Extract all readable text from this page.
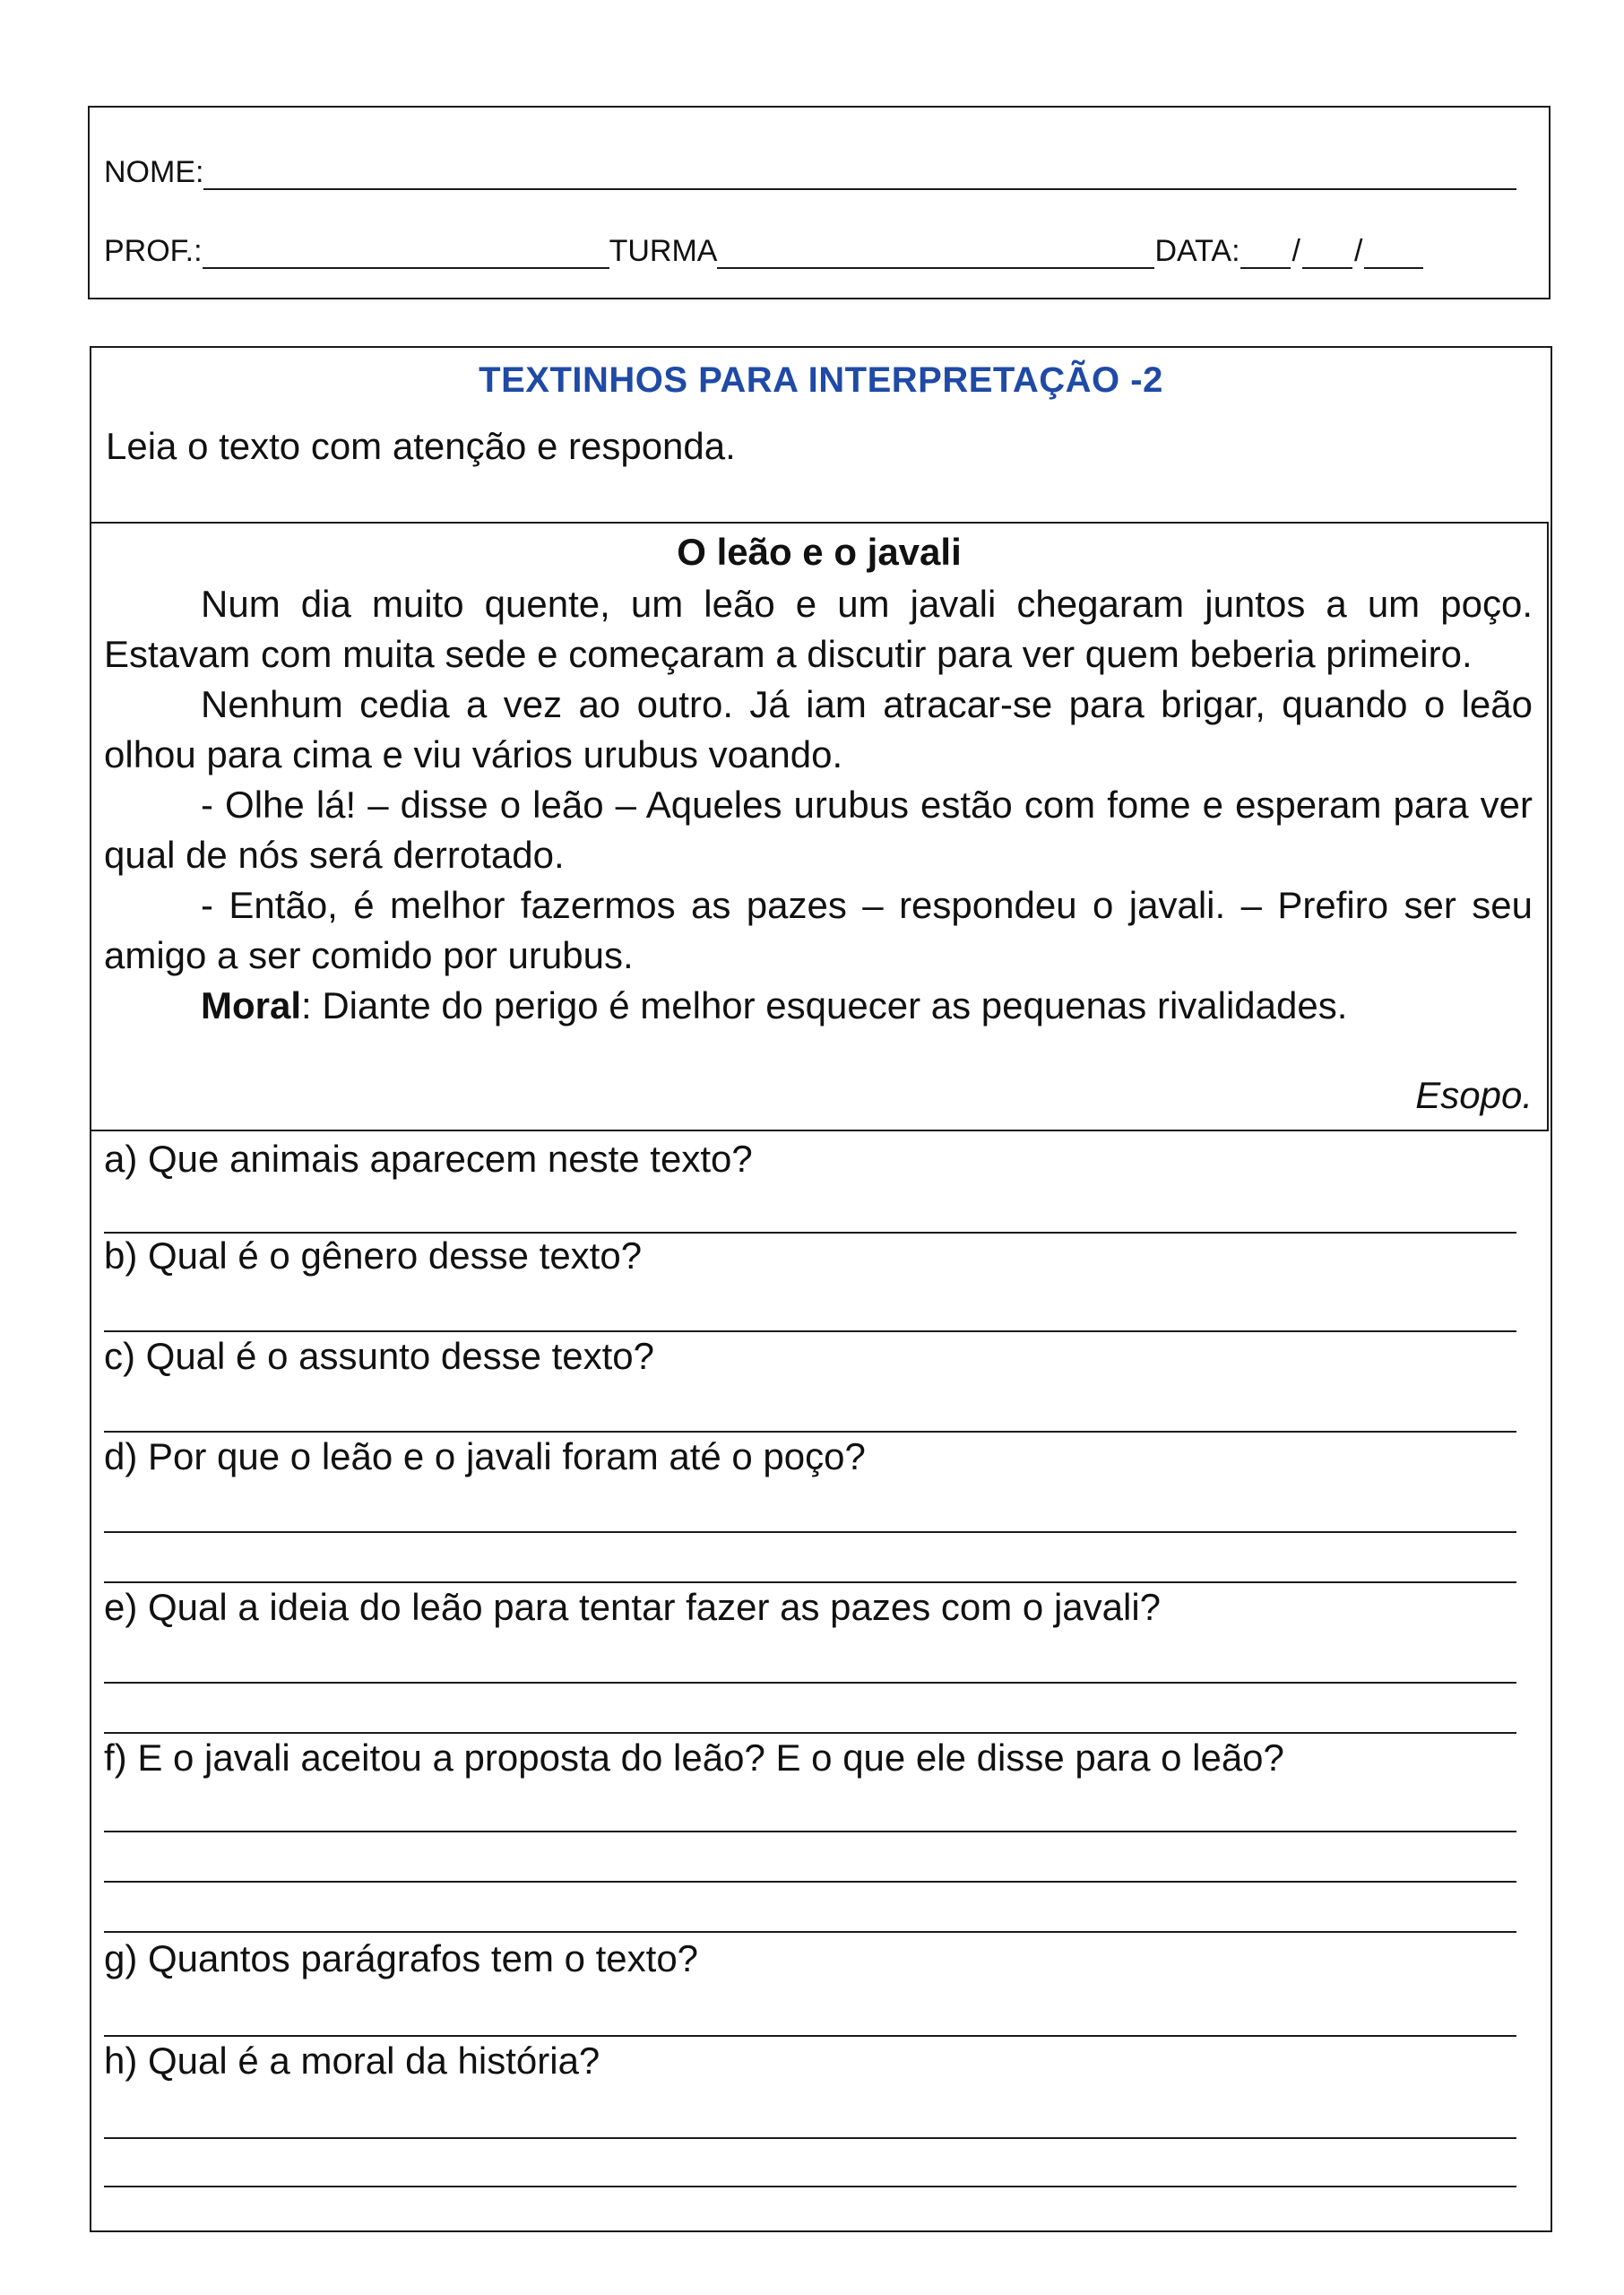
NOME:
PROF.:	TURMA	DATA: / /
TEXTINHOS PARA INTERPRETAÇÃO -2
Leia o texto com atenção e responda.
O leão e o javali

Num dia muito quente, um leão e um javali chegaram juntos a um poço. Estavam com muita sede e começaram a discutir para ver quem beberia primeiro.

Nenhum cedia a vez ao outro. Já iam atracar-se para brigar, quando o leão olhou para cima e viu vários urubus voando.

- Olhe lá! – disse o leão – Aqueles urubus estão com fome e esperam para ver qual de nós será derrotado.

- Então, é melhor fazermos as pazes – respondeu o javali. – Prefiro ser seu amigo a ser comido por urubus.

Moral: Diante do perigo é melhor esquecer as pequenas rivalidades.

Esopo.
a) Que animais aparecem neste texto?
b) Qual é o gênero desse texto?
c) Qual é o assunto desse texto?
d) Por que o leão e o javali foram até o poço?
e) Qual a ideia do leão para tentar fazer as pazes com o javali?
f) E o javali aceitou a proposta do leão? E o que ele disse para o leão?
g) Quantos parágrafos tem o texto?
h) Qual é a moral da história?
